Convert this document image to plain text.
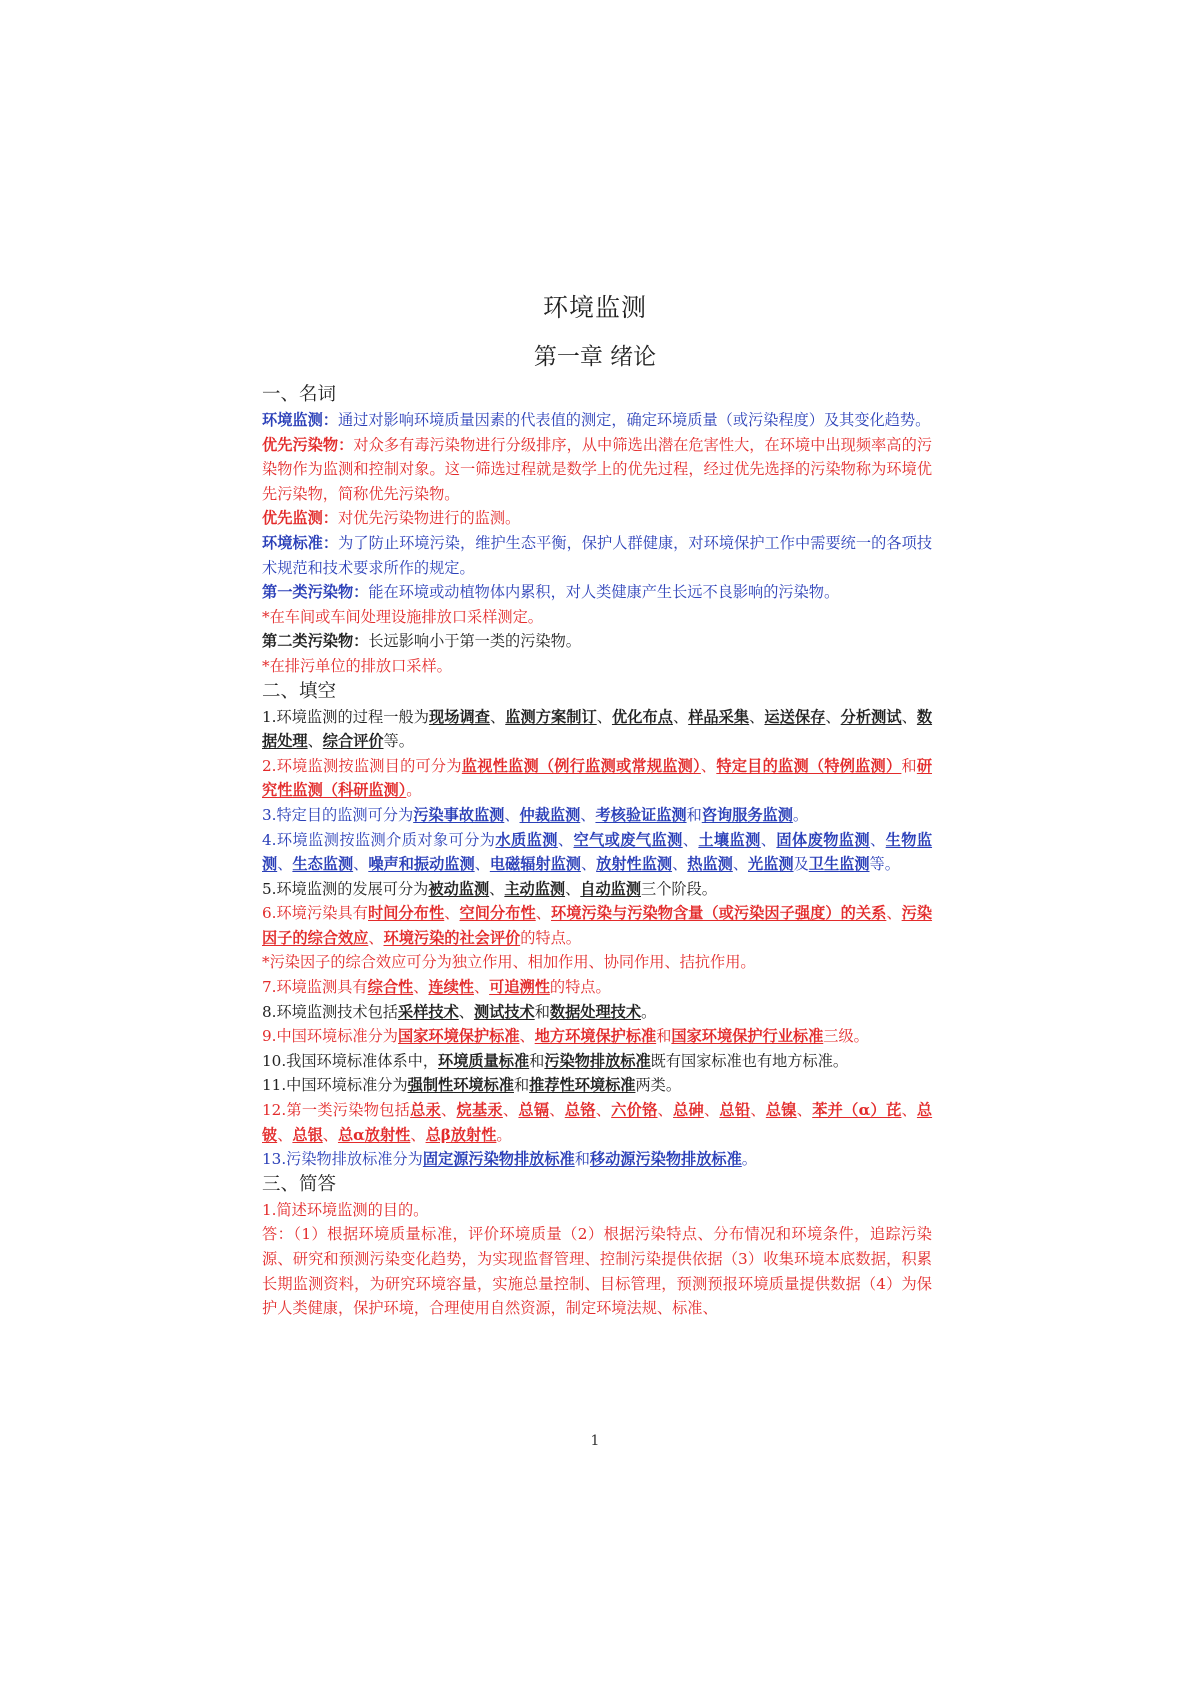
环境监测
第一章 绪论

一、名词

环境监测：通过对影响环境质量因素的代表值的测定，确定环境质量（或污染程度）及其变化趋势。

优先污染物：对众多有毒污染物进行分级排序，从中筛选出潜在危害性大，在环境中出现频率高的污染物作为监测和控制对象。这一筛选过程就是数学上的优先过程，经过优先选择的污染物称为环境优先污染物，简称优先污染物。

优先监测：对优先污染物进行的监测。

环境标准：为了防止环境污染，维护生态平衡，保护人群健康，对环境保护工作中需要统一的各项技术规范和技术要求所作的规定。

第一类污染物：能在环境或动植物体内累积，对人类健康产生长远不良影响的污染物。

*在车间或车间处理设施排放口采样测定。

第二类污染物：长远影响小于第一类的污染物。

*在排污单位的排放口采样。

二、填空

1.环境监测的过程一般为现场调查、监测方案制订、优化布点、样品采集、运送保存、分析测试、数据处理、综合评价等。

2.环境监测按监测目的可分为监视性监测（例行监测或常规监测）、特定目的监测（特例监测）和研究性监测（科研监测）。

3.特定目的监测可分为污染事故监测、仲裁监测、考核验证监测和咨询服务监测。

4.环境监测按监测介质对象可分为水质监测、空气或废气监测、土壤监测、固体废物监测、生物监测、生态监测、噪声和振动监测、电磁辐射监测、放射性监测、热监测、光监测及卫生监测等。

5.环境监测的发展可分为被动监测、主动监测、自动监测三个阶段。

6.环境污染具有时间分布性、空间分布性、环境污染与污染物含量（或污染因子强度）的关系、污染因子的综合效应、环境污染的社会评价的特点。

*污染因子的综合效应可分为独立作用、相加作用、协同作用、拮抗作用。

7.环境监测具有综合性、连续性、可追溯性的特点。

8.环境监测技术包括采样技术、测试技术和数据处理技术。

9.中国环境标准分为国家环境保护标准、地方环境保护标准和国家环境保护行业标准三级。

10.我国环境标准体系中，环境质量标准和污染物排放标准既有国家标准也有地方标准。

11.中国环境标准分为强制性环境标准和推荐性环境标准两类。

12.第一类污染物包括总汞、烷基汞、总镉、总铬、六价铬、总砷、总铅、总镍、苯并（α）芘、总铍、总银、总α放射性、总β放射性。

13.污染物排放标准分为固定源污染物排放标准和移动源污染物排放标准。

三、简答

1.简述环境监测的目的。

答：（1）根据环境质量标准，评价环境质量（2）根据污染特点、分布情况和环境条件，追踪污染源、研究和预测污染变化趋势，为实现监督管理、控制污染提供依据（3）收集环境本底数据，积累长期监测资料，为研究环境容量，实施总量控制、目标管理，预测预报环境质量提供数据（4）为保护人类健康，保护环境，合理使用自然资源，制定环境法规、标准、

1
